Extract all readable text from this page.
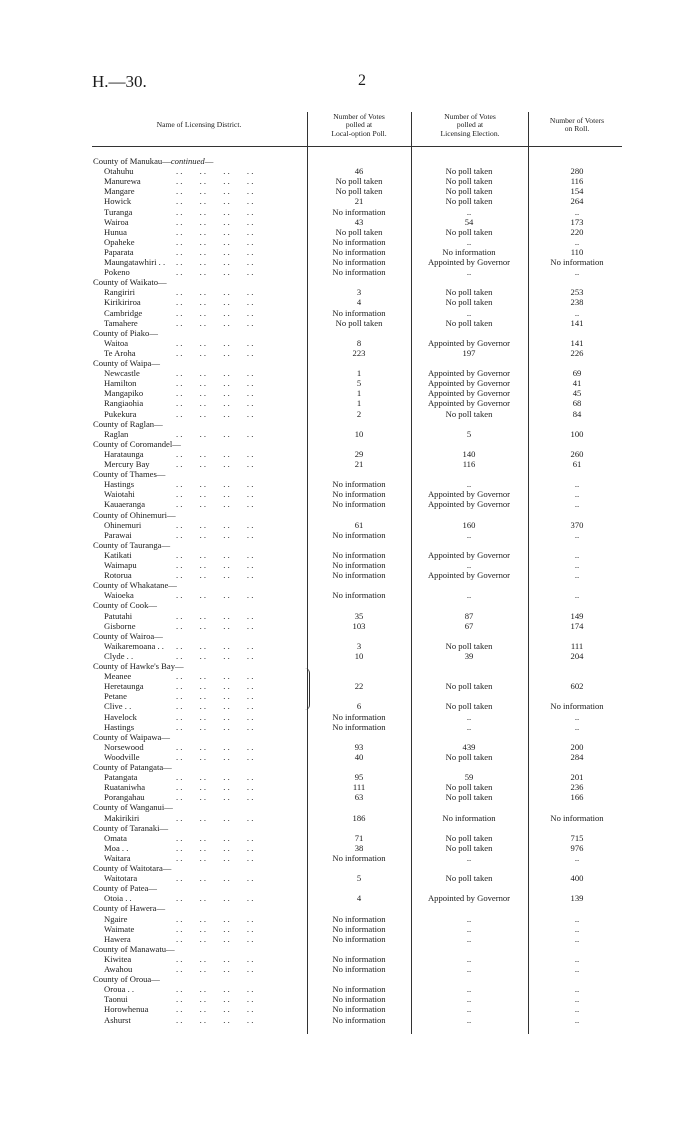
H.—30.	2
Name of Licensing District.
Number of Votes
polled at
Local-option Poll.
Number of Votes
polled at
Licensing Election.
Number of Voters
on Roll.
County of Manukau—continued—
Otahuhu	. .        . .        . .        . .	46	No poll taken	280
Manurewa	. .        . .        . .        . .	No poll taken	No poll taken	116
Mangare	. .        . .        . .        . .	No poll taken	No poll taken	154
Howick	. .        . .        . .        . .	21	No poll taken	264
Turanga	. .        . .        . .        . .	No information	..	..
Wairoa	. .        . .        . .        . .	43	54	173
Hunua	. .        . .        . .        . .	No poll taken	No poll taken	220
Opaheke	. .        . .        . .        . .	No information	..	..
Paparata	. .        . .        . .        . .	No information	No information	110
Maungatawhiri . . . .        . .        . .        . .	No information	Appointed by Governor	No information
Pokeno	. .        . .        . .        . .	No information	..	..
County of Waikato—
Rangiriri	. .        . .        . .        . .	3	No poll taken	253
Kirikiriroa	. .        . .        . .        . .	4	No poll taken	238
Cambridge	. .        . .        . .        . .	No information	..	..
Tamahere	. .        . .        . .        . .	No poll taken	No poll taken	141
County of Piako—
Waitoa	. .        . .        . .        . .	8	Appointed by Governor	141
Te Aroha	. .        . .        . .        . .	223	197	226
County of Waipa—
Newcastle	. .        . .        . .        . .	1	Appointed by Governor	69
Hamilton	. .        . .        . .        . .	5	Appointed by Governor	41
Mangapiko	. .        . .        . .        . .	1	Appointed by Governor	45
Rangiaohia	. .        . .        . .        . .	1	Appointed by Governor	68
Pukekura	. .        . .        . .        . .	2	No poll taken	84
County of Raglan—
Raglan	. .        . .        . .        . .	10	5	100
County of Coromandel—
Harataunga	. .        . .        . .        . .	29	140	260
Mercury Bay	. .        . .        . .        . .	21	116	61
County of Thames—
Hastings	. .        . .        . .        . .	No information	..	..
Waiotahi	. .        . .        . .        . .	No information	Appointed by Governor	..
Kauaeranga	. .        . .        . .        . .	No information	Appointed by Governor	..
County of Ohinemuri—
Ohinemuri	. .        . .        . .        . .	61	160	370
Parawai	. .        . .        . .        . .	No information	..	..
County of Tauranga—
Katikati	. .        . .        . .        . .	No information	Appointed by Governor	..
Waimapu	. .        . .        . .        . .	No information	..	..
Rotorua	. .        . .        . .        . .	No information	Appointed by Governor	..
County of Whakatane—
Waioeka	. .        . .        . .        . .	No information	..	..
County of Cook—
Patutahi	. .        . .        . .        . .	35	87	149
Gisborne	. .        . .        . .        . .	103	67	174
County of Wairoa—
Waikaremoana . . . .        . .        . .        . .	3	No poll taken	111
Clyde . .	. .        . .        . .        . .	10	39	204
County of Hawke's Bay—
Meanee	. .        . .        . .        . .
Heretaunga	. .        . .        . .        . .	22	No poll taken	602
Petane	. .        . .        . .        . .
Clive . .	. .        . .        . .        . .	6	No poll taken	No information
Havelock	. .        . .        . .        . .	No information	..	..
Hastings	. .        . .        . .        . .	No information	..	..
County of Waipawa—
Norsewood	. .        . .        . .        . .	93	439	200
Woodville	. .        . .        . .        . .	40	No poll taken	284
County of Patangata—
Patangata	. .        . .        . .        . .	95	59	201
Ruataniwha	. .        . .        . .        . .	111	No poll taken	236
Porangahau	. .        . .        . .        . .	63	No poll taken	166
County of Wanganui—
Makirikiri	. .        . .        . .        . .	186	No information	No information
County of Taranaki—
Omata	. .        . .        . .        . .	71	No poll taken	715
Moa . .	. .        . .        . .        . .	38	No poll taken	976
Waitara	. .        . .        . .        . .	No information	..	..
County of Waitotara—
Waitotara	. .        . .        . .        . .	5	No poll taken	400
County of Patea—
Otoia . .	. .        . .        . .        . .	4	Appointed by Governor	139
County of Hawera—
Ngaire	. .        . .        . .        . .	No information	..	..
Waimate	. .        . .        . .        . .	No information	..	..
Hawera	. .        . .        . .        . .	No information	..	..
County of Manawatu—
Kiwitea	. .        . .        . .        . .	No information	..	..
Awahou	. .        . .        . .        . .	No information	..	..
County of Oroua—
Oroua . .	. .        . .        . .        . .	No information	..	..
Taonui	. .        . .        . .        . .	No information	..	..
Horowhenua	. .        . .        . .        . .	No information	..	..
Ashurst	. .        . .        . .        . .	No information	..	..
